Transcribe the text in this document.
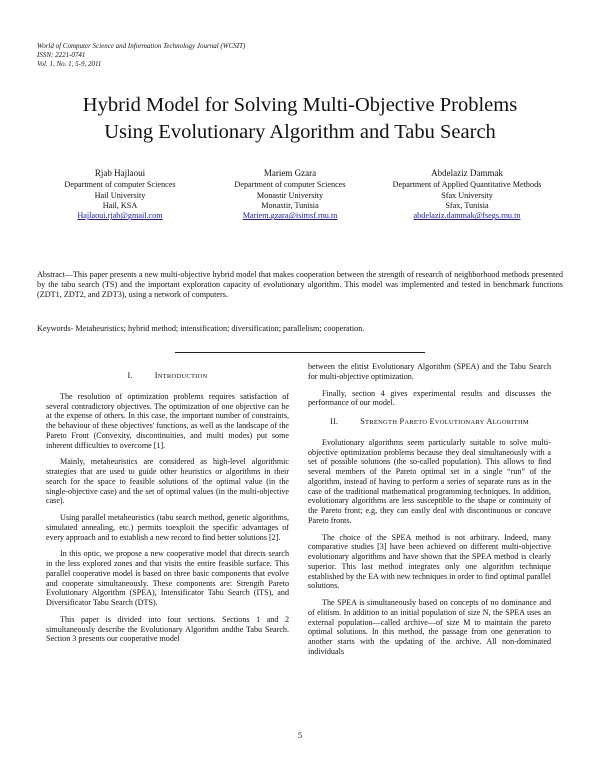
World of Computer Science and Information Technology Journal (WCSIT)
ISSN: 2221-0741
Vol. 1, No. 1, 5-9, 2011
Hybrid Model for Solving Multi-Objective Problems
Using Evolutionary Algorithm and Tabu Search
Rjab Hajlaoui
Department of computer Sciences
Hail University
Hail, KSA
Hajlaoui.rjab@gmail.com
Mariem Gzara
Department of computer Sciences
Monastir University
Monastir, Tunisia
Mariem.gzara@isimsf.rnu.tn
Abdelaziz Dammak
Department of Applied Quantitative Methods
Sfax University
Sfax, Tunisia
abdelaziz.dammak@fsegs.rnu.tn
Abstract—This paper presents a new multi-objective hybrid model that makes cooperation between the strength of research of neighborhood methods presented by the tabu search (TS) and the important exploration capacity of evolutionary algorithm. This model was implemented and tested in benchmark functions (ZDT1, ZDT2, and ZDT3), using a network of computers.
Keywords- Metaheuristics; hybrid method; intensification; diversification; parallelism; cooperation.
I.	INTRODUCTION

The resolution of optimization problems requires satisfaction of several contradictory objectives. The optimization of one objective can be at the expense of others. In this case, the important number of constraints, the behaviour of these objectives' functions, as well as the landscape of the Pareto Front (Convexity, discontinuities, and multi modes) put some inherent difficulties to overcome [1].

Mainly, metaheuristics are considered as high-level algorithmic strategies that are used to guide other heuristics or algorithms in their search for the space to feasible solutions of the optimal value (in the single-objective case) and the set of optimal values (in the multi-objective case).

Using parallel metaheuristics (tabu search method, genetic algorithms, simulated annealing, etc.) permits toexploit the specific advantages of every approach and to establish a new record to find better solutions [2].

In this optic, we propose a new cooperative model that directs search in the less explored zones and that visits the entire feasible surface. This parallel cooperative model is based on three basic components that evolve and cooperate simultaneously. These components are: Strength Pareto Evolutionary Algorithm (SPEA), Intensificator Tabu Search (ITS), and Diversificator Tabu Search (DTS).

This paper is divided into four sections. Sections 1 and 2 simultaneously describe the Evolutionary Algorithm andthe Tabu Search. Section 3 presents our cooperative model

between the elitist Evolutionary Algorithm (SPEA) and the Tabu Search for multi-objective optimization.

Finally, section 4 gives experimental results and discusses the performance of our model.

II.	STRENGTH PARETO EVOLUTIONARY ALGORITHM

Evolutionary algorithms seem particularly suitable to solve multi-objective optimization problems because they deal simultaneously with a set of possible solutions (the so-called population). This allows to find several members of the Pareto optimal set in a single “run” of the algorithm, instead of having to perform a series of separate runs as in the case of the traditional mathematical programming techniques. In addition, evolutionary algorithms are less susceptible to the shape or continuity of the Pareto front; e.g, they can easily deal with discontinuous or concave Pareto fronts.

The choice of the SPEA method is not arbitrary. Indeed, many comparative studies [3] have been achieved on different multi-objective evolutionary algorithms and have shown that the SPEA method is clearly superior. This last method integrates only one algorithm technique established by the EA with new techniques in order to find optimal parallel solutions.

The SPEA is simultaneously based on concepts of no dominance and of elitism. In addition to an initial population of size N, the SPEA uses an external population—called archive—of size M to maintain the pareto optimal solutions. In this method, the passage from one generation to another starts with the updating of the archive. All non-dominated individuals

5
